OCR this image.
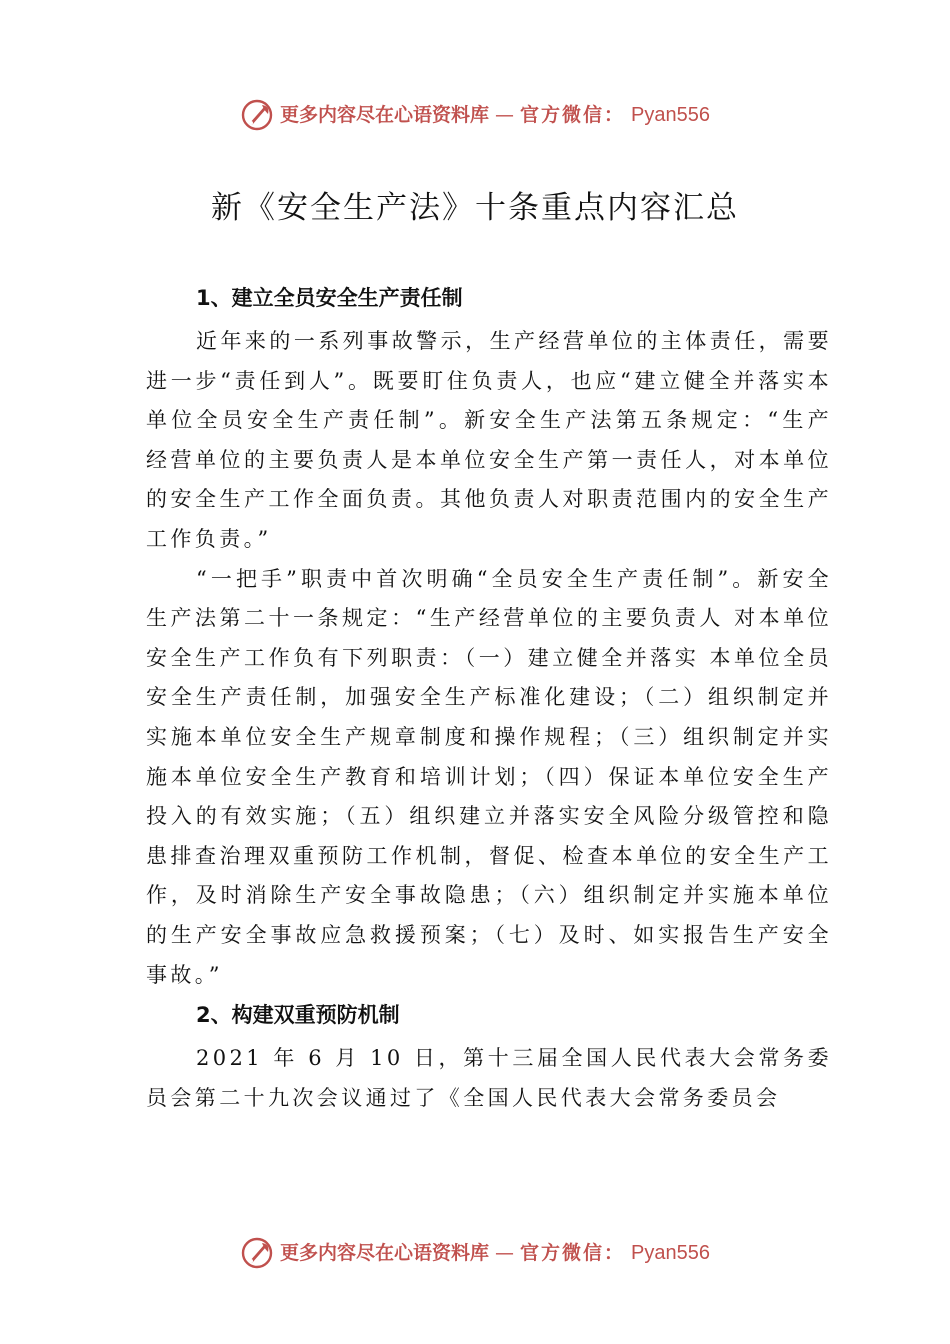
更多内容尽在心语资料库 — 官方微信： Pyan556
新《安全生产法》十条重点内容汇总
1、建立全员安全生产责任制

近年来的一系列事故警示，生产经营单位的主体责任，需要进一步“责任到人”。既要盯住负责人，也应“建立健全并落实本单位全员安全生产责任制”。新安全生产法第五条规定：“生产经营单位的主要负责人是本单位安全生产第一责任人，对本单位的安全生产工作全面负责。其他负责人对职责范围内的安全生产工作负责。”

“一把手”职责中首次明确“全员安全生产责任制”。新安全生产法第二十一条规定：“生产经营单位的主要负责人 对本单位安全生产工作负有下列职责：（一）建立健全并落实 本单位全员安全生产责任制，加强安全生产标准化建设；（二）组织制定并实施本单位安全生产规章制度和操作规程；（三）组织制定并实施本单位安全生产教育和培训计划；（四）保证本单位安全生产投入的有效实施；（五）组织建立并落实安全风险分级管控和隐患排查治理双重预防工作机制，督促、检查本单位的安全生产工作，及时消除生产安全事故隐患；（六）组织制定并实施本单位的生产安全事故应急救援预案；（七）及时、如实报告生产安全事故。”

2、构建双重预防机制

2021 年 6 月 10 日，第十三届全国人民代表大会常务委员会第二十九次会议通过了《全国人民代表大会常务委员会

更多内容尽在心语资料库 — 官方微信： Pyan556
